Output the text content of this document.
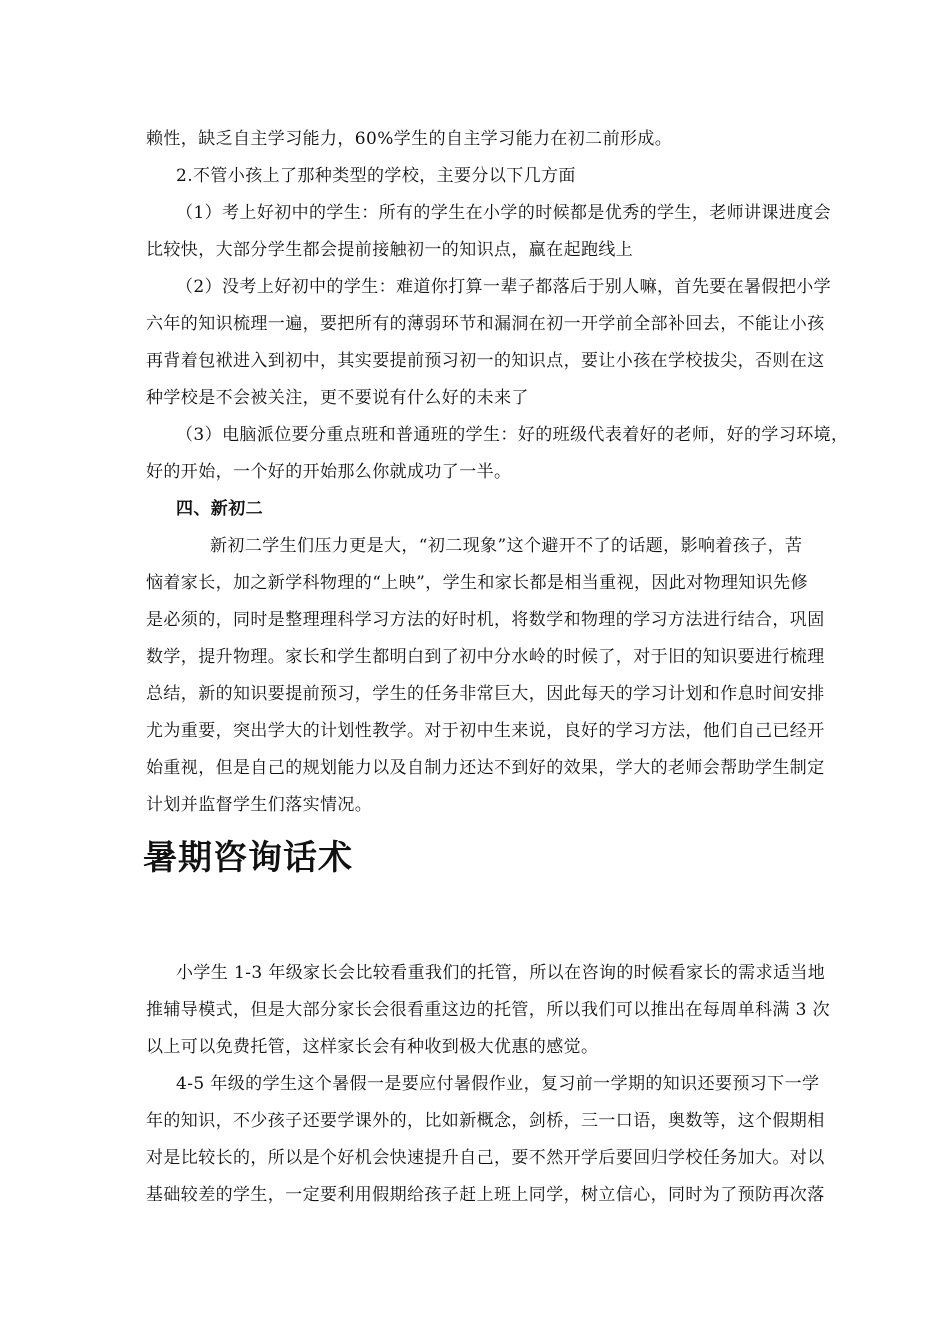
赖性，缺乏自主学习能力，60%学生的自主学习能力在初二前形成。
2.不管小孩上了那种类型的学校，主要分以下几方面
（1）考上好初中的学生：所有的学生在小学的时候都是优秀的学生，老师讲课进度会
比较快，大部分学生都会提前接触初一的知识点，赢在起跑线上
（2）没考上好初中的学生：难道你打算一辈子都落后于别人嘛，首先要在暑假把小学
六年的知识梳理一遍，要把所有的薄弱环节和漏洞在初一开学前全部补回去，不能让小孩
再背着包袱进入到初中，其实要提前预习初一的知识点，要让小孩在学校拔尖，否则在这
种学校是不会被关注，更不要说有什么好的未来了
（3）电脑派位要分重点班和普通班的学生：好的班级代表着好的老师，好的学习环境，
好的开始，一个好的开始那么你就成功了一半。
四、新初二
新初二学生们压力更是大，“初二现象”这个避开不了的话题，影响着孩子，苦
恼着家长，加之新学科物理的“上映”，学生和家长都是相当重视，因此对物理知识先修
是必须的，同时是整理理科学习方法的好时机，将数学和物理的学习方法进行结合，巩固
数学，提升物理。家长和学生都明白到了初中分水岭的时候了，对于旧的知识要进行梳理
总结，新的知识要提前预习，学生的任务非常巨大，因此每天的学习计划和作息时间安排
尤为重要，突出学大的计划性教学。对于初中生来说，良好的学习方法，他们自己已经开
始重视，但是自己的规划能力以及自制力还达不到好的效果，学大的老师会帮助学生制定
计划并监督学生们落实情况。
暑期咨询话术
小学生 1-3 年级家长会比较看重我们的托管，所以在咨询的时候看家长的需求适当地
推辅导模式，但是大部分家长会很看重这边的托管，所以我们可以推出在每周单科满 3 次
以上可以免费托管，这样家长会有种收到极大优惠的感觉。
4-5 年级的学生这个暑假一是要应付暑假作业，复习前一学期的知识还要预习下一学
年的知识，不少孩子还要学课外的，比如新概念，剑桥，三一口语，奥数等，这个假期相
对是比较长的，所以是个好机会快速提升自己，要不然开学后要回归学校任务加大。对以
基础较差的学生，一定要利用假期给孩子赶上班上同学，树立信心，同时为了预防再次落
